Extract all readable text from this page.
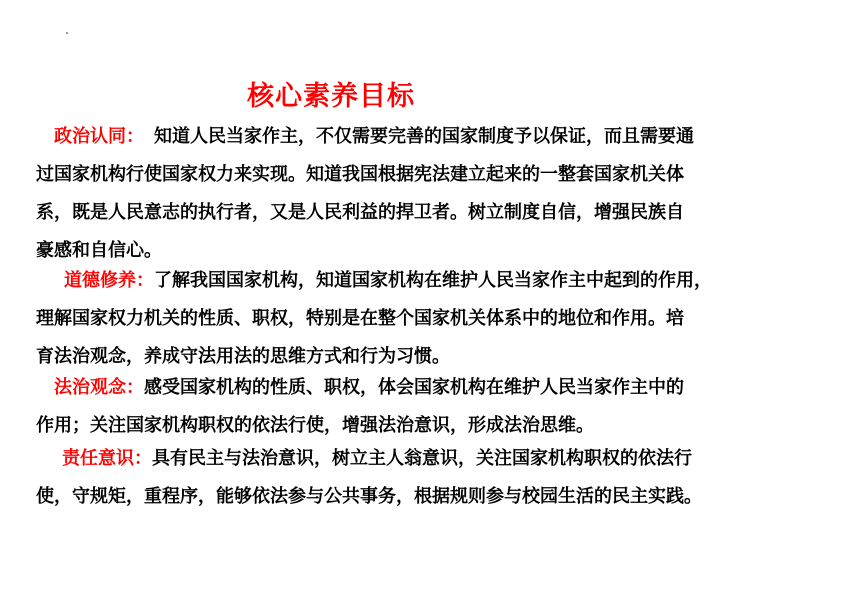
核心素养目标
政治认同： 知道人民当家作主，不仅需要完善的国家制度予以保证，而且需要通
过国家机构行使国家权力来实现。知道我国根据宪法建立起来的一整套国家机关体
系，既是人民意志的执行者，又是人民利益的捍卫者。树立制度自信，增强民族自
豪感和自信心。
道德修养：了解我国国家机构，知道国家机构在维护人民当家作主中起到的作用，
理解国家权力机关的性质、职权，特别是在整个国家机关体系中的地位和作用。培
育法治观念，养成守法用法的思维方式和行为习惯。
法治观念：感受国家机构的性质、职权，体会国家机构在维护人民当家作主中的
作用；关注国家机构职权的依法行使，增强法治意识，形成法治思维。
责任意识：具有民主与法治意识，树立主人翁意识，关注国家机构职权的依法行
使，守规矩，重程序，能够依法参与公共事务，根据规则参与校园生活的民主实践。
